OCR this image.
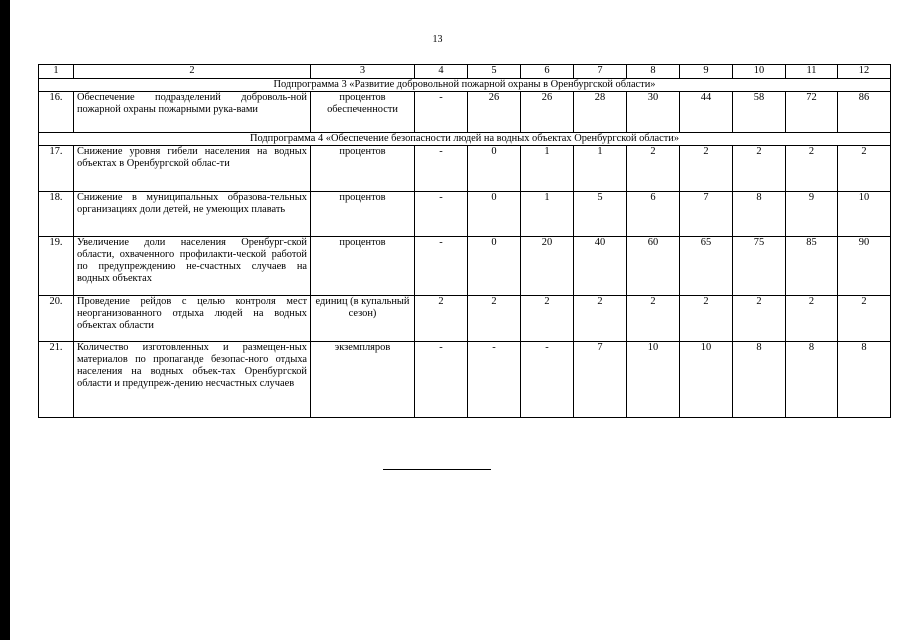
13
1	2	3	4	5	6	7	8	9	10	11	12
Подпрограмма 3 «Развитие добровольной пожарной охраны в Оренбургской области»											
16.	Обеспечение подразделений доброволь-ной пожарной охраны пожарными рука-вами	процентов обеспеченности	-	26	26	28	30	44	58	72	86
Подпрограмма 4 «Обеспечение безопасности людей на водных объектах Оренбургской области»											
17.	Снижение уровня гибели населения на водных объектах в Оренбургской облас-ти	процентов	-	0	1	1	2	2	2	2	2
18.	Снижение в муниципальных образова-тельных организациях доли детей, не умеющих плавать	процентов	-	0	1	5	6	7	8	9	10
19.	Увеличение доли населения Оренбург-ской области, охваченного профилакти-ческой работой по предупреждению не-счастных случаев на водных объектах	процентов	-	0	20	40	60	65	75	85	90
20.	Проведение рейдов с целью контроля мест неорганизованного отдыха людей на водных объектах области	единиц (в купальный сезон)	2	2	2	2	2	2	2	2	2
21.	Количество изготовленных и размещен-ных материалов по пропаганде безопас-ного отдыха населения на водных объек-тах Оренбургской области и предупреж-дению несчастных случаев	экземпляров	-	-	-	7	10	10	8	8	8
